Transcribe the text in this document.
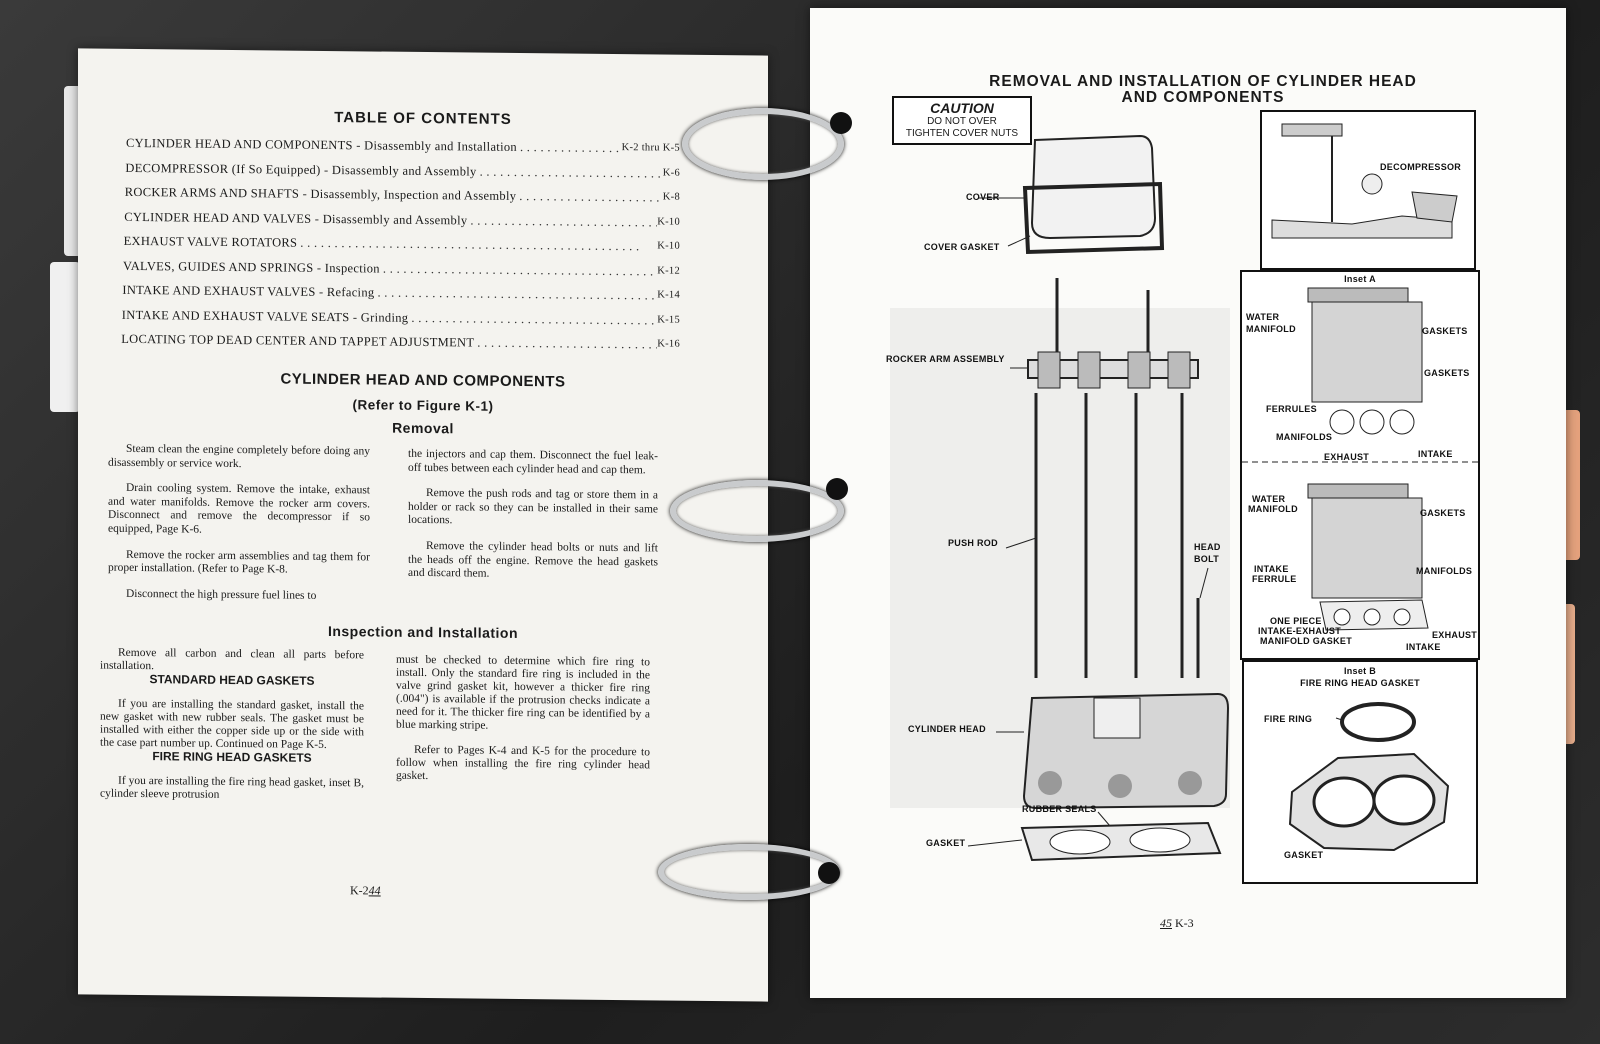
TABLE OF CONTENTS
CYLINDER HEAD AND COMPONENTS - Disassembly and Installation . . .	K-2 thru K-5
DECOMPRESSOR (If So Equipped) - Disassembly and Assembly . . .	K-6
ROCKER ARMS AND SHAFTS - Disassembly, Inspection and Assembly . . .	K-8
CYLINDER HEAD AND VALVES - Disassembly and Assembly . . .	K-10
EXHAUST VALVE ROTATORS . . .	K-10
VALVES, GUIDES AND SPRINGS - Inspection . . .	K-12
INTAKE AND EXHAUST VALVES - Refacing . . .	K-14
INTAKE AND EXHAUST VALVE SEATS - Grinding . . .	K-15
LOCATING TOP DEAD CENTER AND TAPPET ADJUSTMENT . . .	K-16
CYLINDER HEAD AND COMPONENTS
(Refer to Figure K-1)
Removal

Steam clean the engine completely before doing any disassembly or service work.

Drain cooling system. Remove the intake, exhaust and water manifolds. Remove the rocker arm covers. Disconnect and remove the decompressor if so equipped, Page K-6.

Remove the rocker arm assemblies and tag them for proper installation. (Refer to Page K-8.

Disconnect the high pressure fuel lines to

the injectors and cap them. Disconnect the fuel leak-off tubes between each cylinder head and cap them.

Remove the push rods and tag or store them in a holder or rack so they can be installed in their same locations.

Remove the cylinder head bolts or nuts and lift the heads off the engine. Remove the head gaskets and discard them.

Inspection and Installation

Remove all carbon and clean all parts before installation.

STANDARD HEAD GASKETS

If you are installing the standard gasket, install the new gasket with new rubber seals. The gasket must be installed with either the copper side up or the side with the case part number up. Continued on Page K-5.

FIRE RING HEAD GASKETS

If you are installing the fire ring head gasket, inset B, cylinder sleeve protrusion

must be checked to determine which fire ring to install. Only the standard fire ring is included in the valve grind gasket kit, however a thicker fire ring (.004") is available if the protrusion checks indicate a need for it. The thicker fire ring can be identified by a blue marking stripe.

Refer to Pages K-4 and K-5 for the procedure to follow when installing the fire ring cylinder head gasket.

K-244
REMOVAL AND INSTALLATION OF CYLINDER HEAD
AND COMPONENTS
CAUTION
DO NOT OVER
TIGHTEN COVER NUTS
COVER
COVER GASKET
ROCKER ARM ASSEMBLY
PUSH ROD	HEAD
BOLT
CYLINDER HEAD
RUBBER SEALS
GASKET
DECOMPRESSOR
Inset A
WATER
MANIFOLD	GASKETS
GASKETS
FERRULES
MANIFOLDS
EXHAUST	INTAKE
WATER
MANIFOLD	GASKETS
INTAKE
FERRULE
MANIFOLDS
ONE PIECE
INTAKE-EXHAUST
MANIFOLD GASKET
EXHAUST
INTAKE
Inset B
FIRE RING HEAD GASKET
FIRE RING
GASKET
45 K-3
